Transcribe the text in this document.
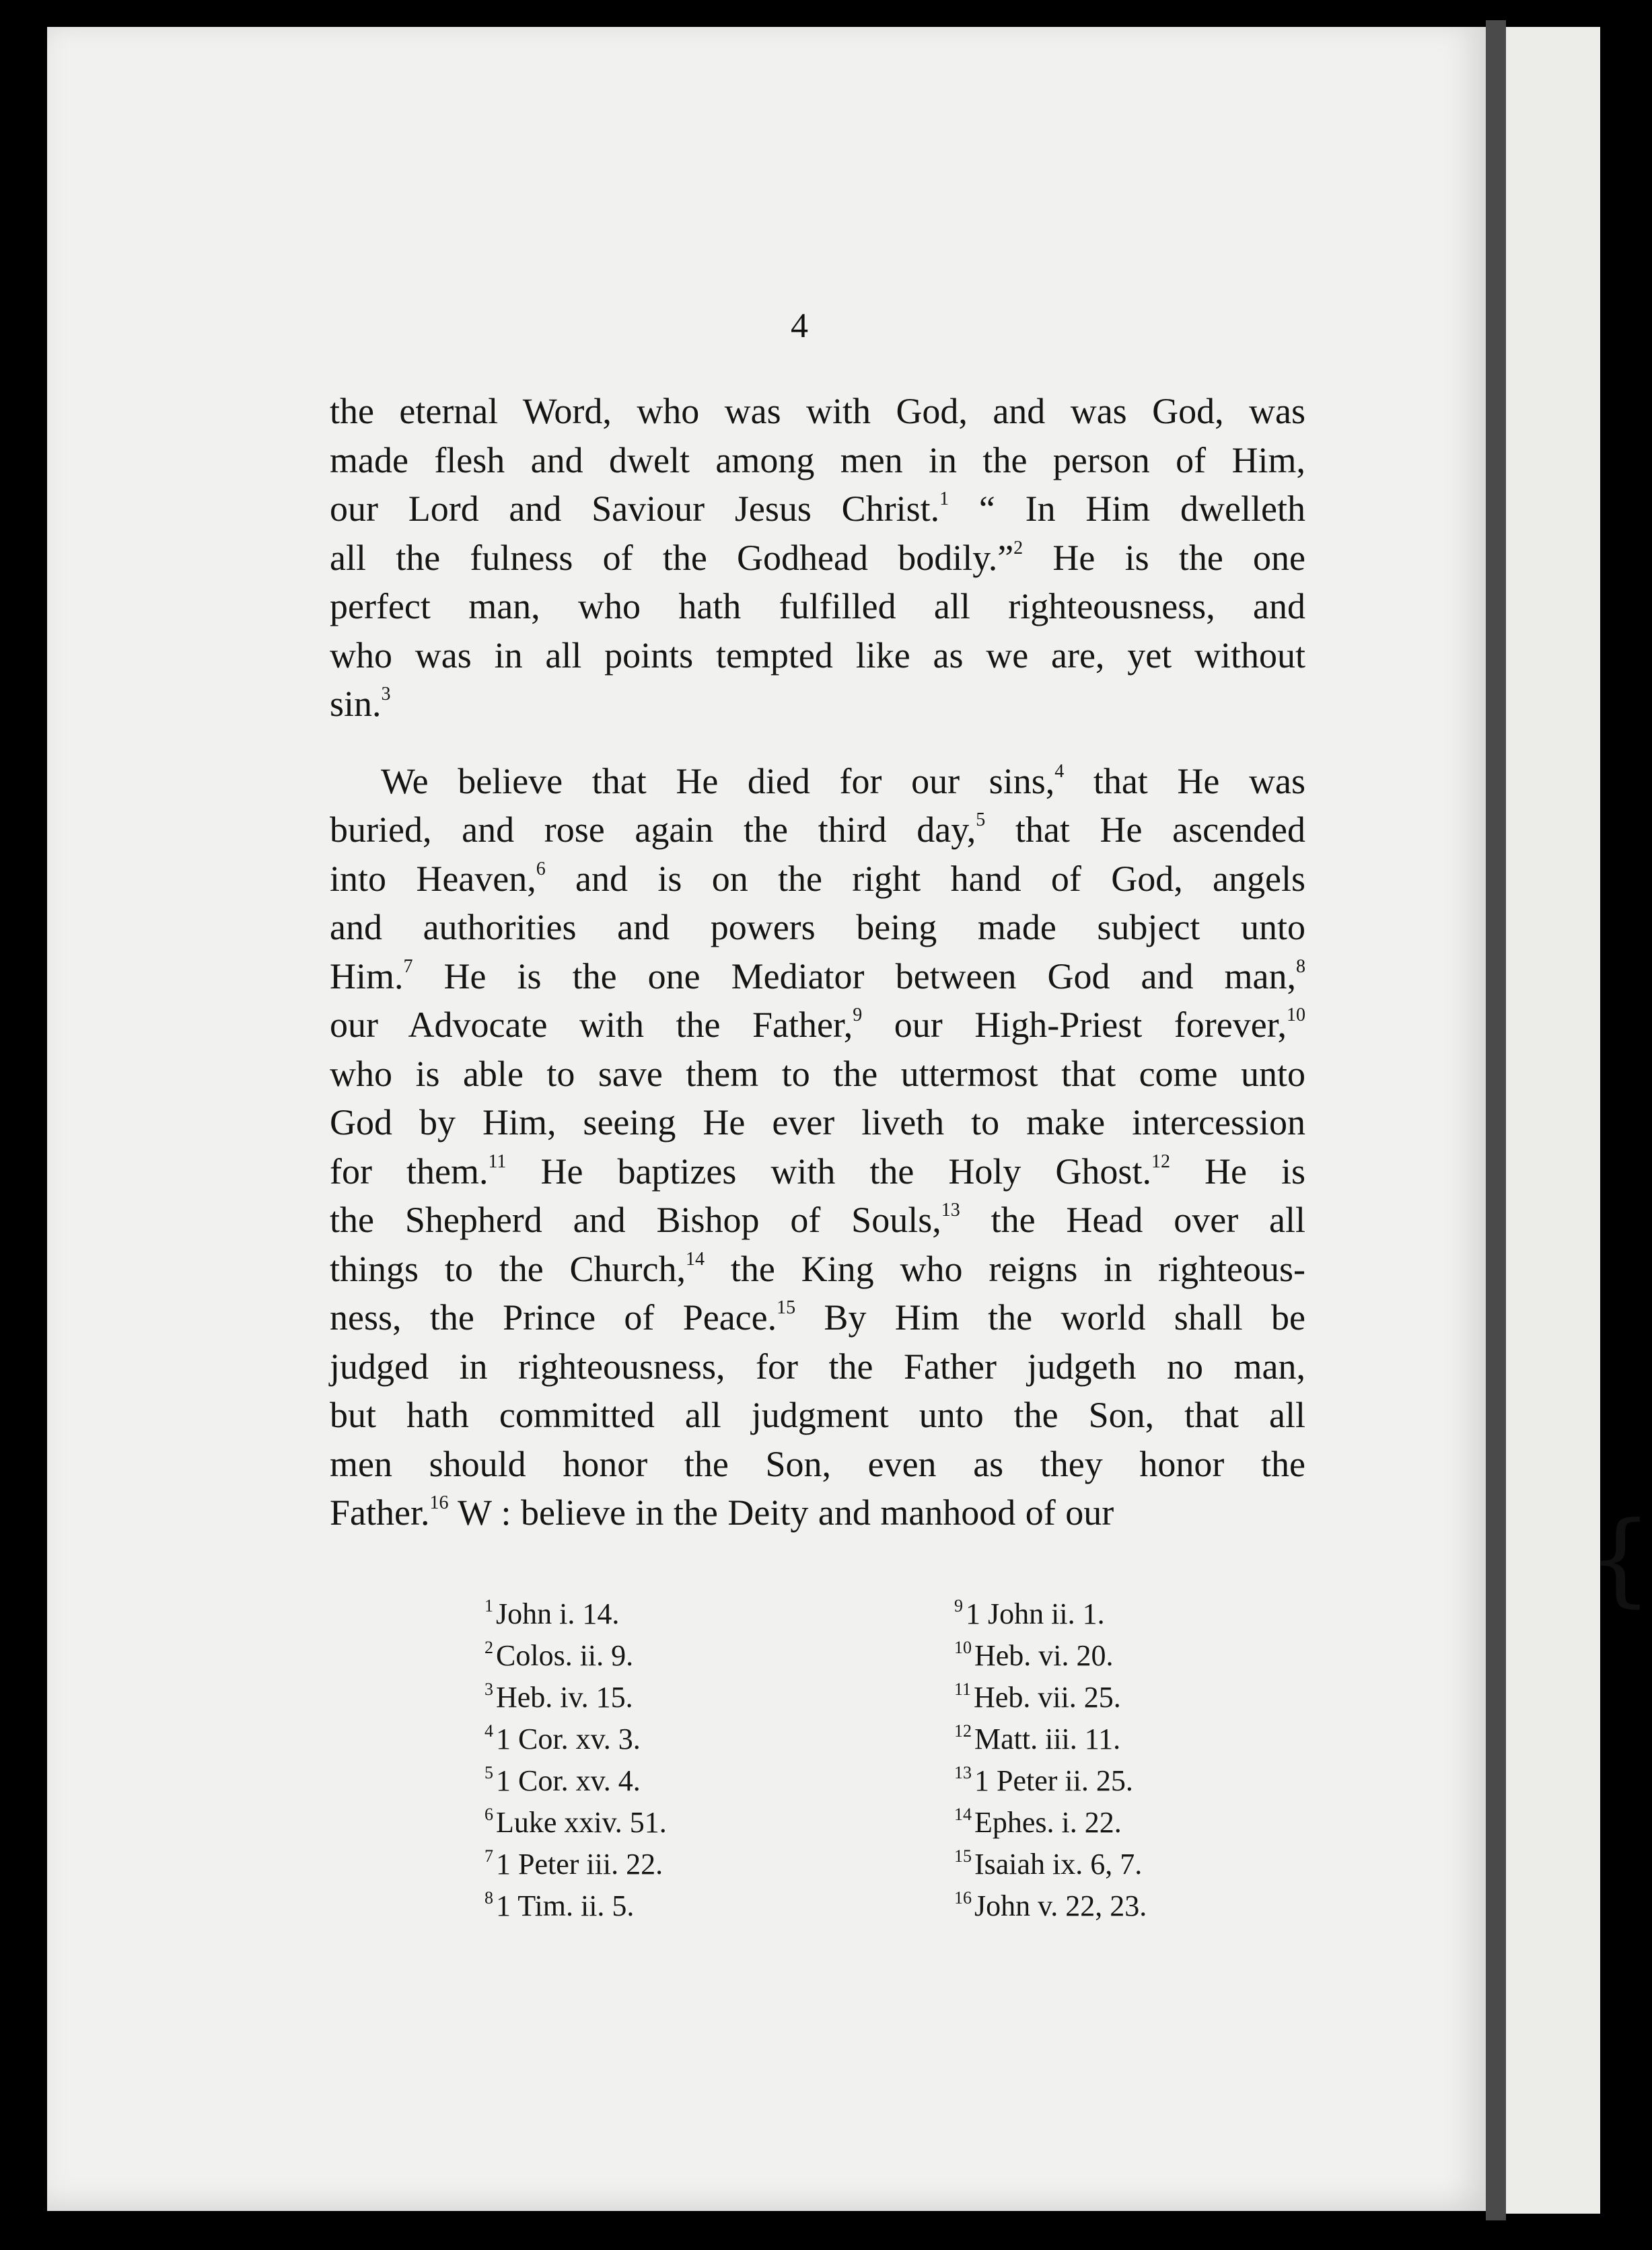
{
4

the eternal Word, who was with God, and was God, was
made flesh and dwelt among men in the person of Him,
our Lord and Saviour Jesus Christ.$^1$ “ In Him dwelleth
all the fulness of the Godhead bodily.”$^2$ He is the one
perfect man, who hath fulfilled all righteousness, and
who was in all points tempted like as we are, yet without
sin.$^3$

We believe that He died for our sins,$^4$ that He was
buried, and rose again the third day,$^5$ that He ascended
into Heaven,$^6$ and is on the right hand of God, angels
and authorities and powers being made subject unto
Him.$^7$ He is the one Mediator between God and man,$^8$
our Advocate with the Father,$^9$ our High-Priest forever,$^{10}$
who is able to save them to the uttermost that come unto
God by Him, seeing He ever liveth to make intercession
for them.$^{11}$ He baptizes with the Holy Ghost.$^{12}$ He is
the Shepherd and Bishop of Souls,$^{13}$ the Head over all
things to the Church,$^{14}$ the King who reigns in righteous-
ness, the Prince of Peace.$^{15}$ By Him the world shall be
judged in righteousness, for the Father judgeth no man,
but hath committed all judgment unto the Son, that all
men should honor the Son, even as they honor the
Father.$^{16}$ W : believe in the Deity and manhood of our

$^1$John i. 14.
$^2$Colos. ii. 9.
$^3$Heb. iv. 15.
$^4$1 Cor. xv. 3.
$^5$1 Cor. xv. 4.
$^6$Luke xxiv. 51.
$^7$1 Peter iii. 22.
$^8$1 Tim. ii. 5.
$^9$1 John ii. 1.
$^{10}$Heb. vi. 20.
$^{11}$Heb. vii. 25.
$^{12}$Matt. iii. 11.
$^{13}$1 Peter ii. 25.
$^{14}$Ephes. i. 22.
$^{15}$Isaiah ix. 6, 7.
$^{16}$John v. 22, 23.
